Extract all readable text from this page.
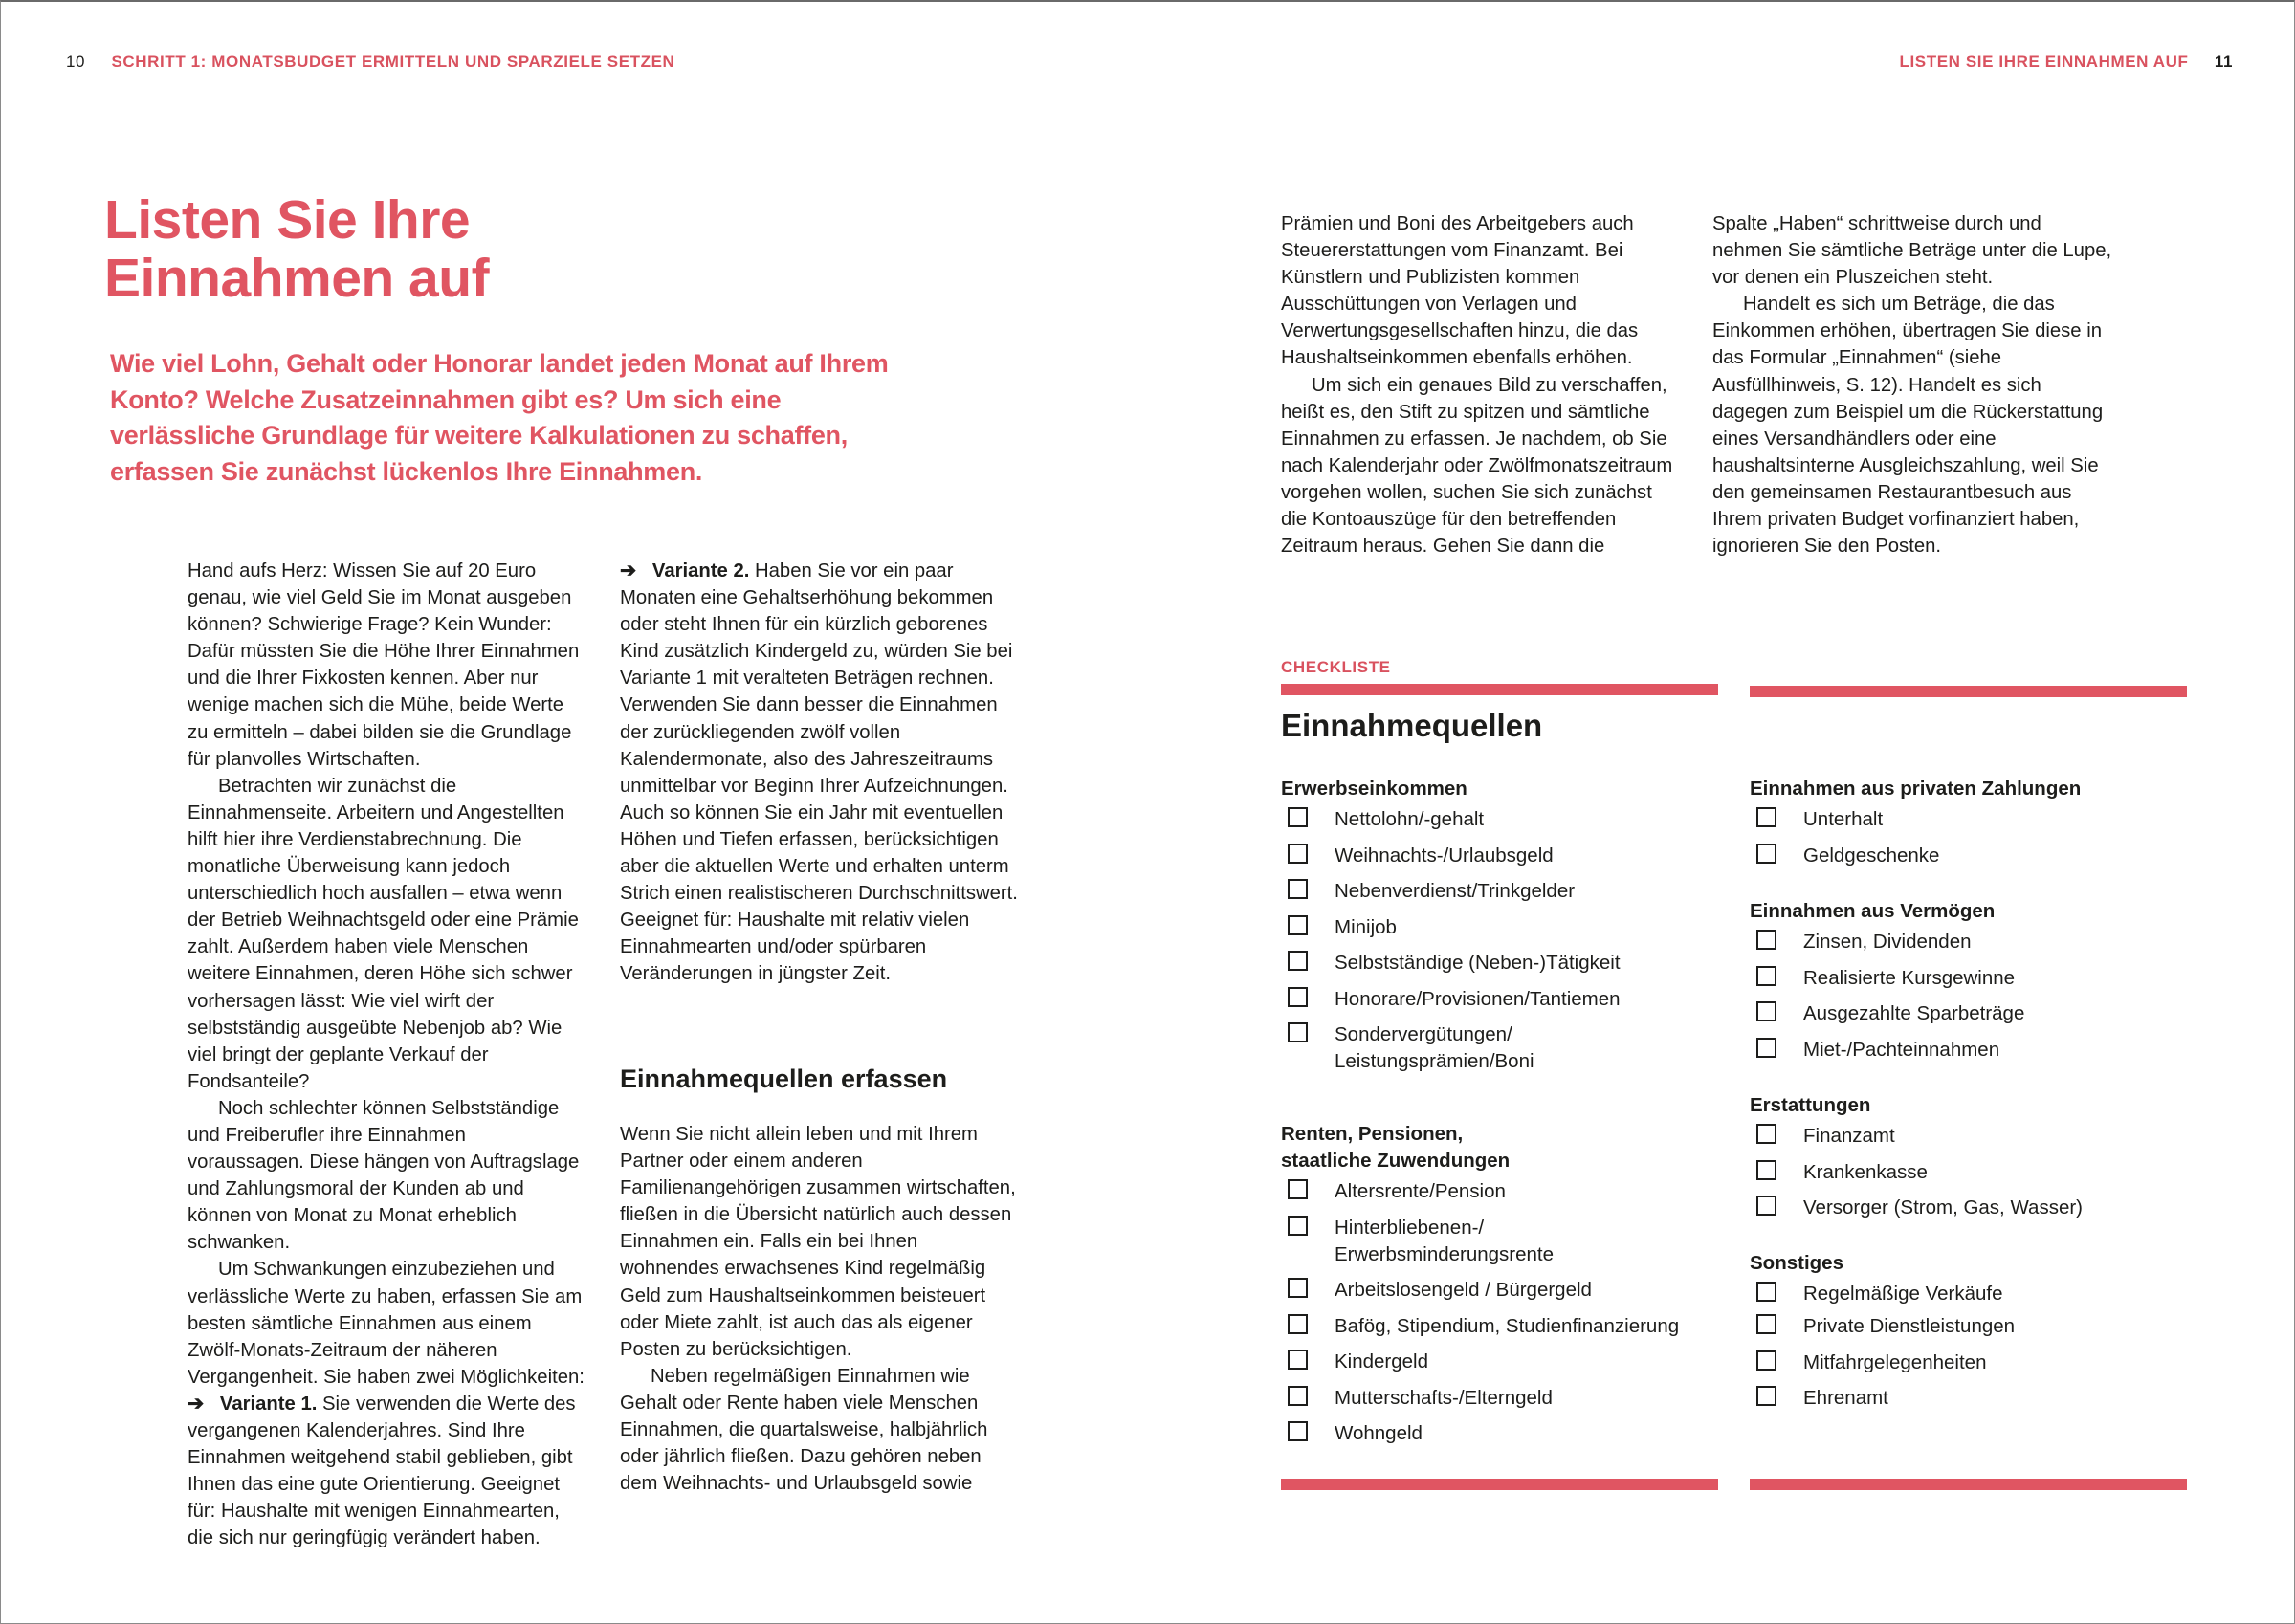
10 SCHRITT 1: MONATSBUDGET ERMITTELN UND SPARZIELE SETZEN	LISTEN SIE IHRE EINNAHMEN AUF 11
Listen Sie Ihre
Einnahmen auf
Wie viel Lohn, Gehalt oder Honorar landet jeden Monat auf Ihrem Konto? Welche Zusatzeinnahmen gibt es? Um sich eine verlässliche Grundlage für weitere Kalkulationen zu schaffen, erfassen Sie zunächst lückenlos Ihre Einnahmen.

Hand aufs Herz: Wissen Sie auf 20 Euro genau, wie viel Geld Sie im Monat ausgeben können? Schwierige Frage? Kein Wunder: Dafür müssten Sie die Höhe Ihrer Einnahmen und die Ihrer Fixkosten kennen. Aber nur wenige machen sich die Mühe, beide Werte zu ermitteln – dabei bilden sie die Grundlage für planvolles Wirtschaften.

Betrachten wir zunächst die Einnahmenseite. Arbeitern und Angestellten hilft hier ihre Verdienstabrechnung. Die monatliche Überweisung kann jedoch unterschiedlich hoch ausfallen – etwa wenn der Betrieb Weihnachtsgeld oder eine Prämie zahlt. Außerdem haben viele Menschen weitere Einnahmen, deren Höhe sich schwer vorhersagen lässt: Wie viel wirft der selbstständig ausgeübte Nebenjob ab? Wie viel bringt der geplante Verkauf der Fondsanteile?

Noch schlechter können Selbstständige und Freiberufler ihre Einnahmen voraussagen. Diese hängen von Auftragslage und Zahlungsmoral der Kunden ab und können von Monat zu Monat erheblich schwanken.

Um Schwankungen einzubeziehen und verlässliche Werte zu haben, erfassen Sie am besten sämtliche Einnahmen aus einem Zwölf-Monats-Zeitraum der näheren Vergangenheit. Sie haben zwei Möglichkeiten:

➔ Variante 1. Sie verwenden die Werte des vergangenen Kalenderjahres. Sind Ihre Einnahmen weitgehend stabil geblieben, gibt Ihnen das eine gute Orientierung. Geeignet für: Haushalte mit wenigen Einnahmearten, die sich nur geringfügig verändert haben.

➔ Variante 2. Haben Sie vor ein paar Monaten eine Gehaltserhöhung bekommen oder steht Ihnen für ein kürzlich geborenes Kind zusätzlich Kindergeld zu, würden Sie bei Variante 1 mit veralteten Beträgen rechnen. Verwenden Sie dann besser die Einnahmen der zurückliegenden zwölf vollen Kalendermonate, also des Jahreszeitraums unmittelbar vor Beginn Ihrer Aufzeichnungen. Auch so können Sie ein Jahr mit eventuellen Höhen und Tiefen erfassen, berücksichtigen aber die aktuellen Werte und erhalten unterm Strich einen realistischeren Durchschnittswert. Geeignet für: Haushalte mit relativ vielen Einnahmearten und/oder spürbaren Veränderungen in jüngster Zeit.

Einnahmequellen erfassen

Wenn Sie nicht allein leben und mit Ihrem Partner oder einem anderen Familienangehörigen zusammen wirtschaften, fließen in die Übersicht natürlich auch dessen Einnahmen ein. Falls ein bei Ihnen wohnendes erwachsenes Kind regelmäßig Geld zum Haushaltseinkommen beisteuert oder Miete zahlt, ist auch das als eigener Posten zu berücksichtigen.

Neben regelmäßigen Einnahmen wie Gehalt oder Rente haben viele Menschen Einnahmen, die quartalsweise, halbjährlich oder jährlich fließen. Dazu gehören neben dem Weihnachts- und Urlaubsgeld sowie

Prämien und Boni des Arbeitgebers auch Steuererstattungen vom Finanzamt. Bei Künstlern und Publizisten kommen Ausschüttungen von Verlagen und Verwertungsgesellschaften hinzu, die das Haushaltseinkommen ebenfalls erhöhen.

Um sich ein genaues Bild zu verschaffen, heißt es, den Stift zu spitzen und sämtliche Einnahmen zu erfassen. Je nachdem, ob Sie nach Kalenderjahr oder Zwölfmonatszeitraum vorgehen wollen, suchen Sie sich zunächst die Kontoauszüge für den betreffenden Zeitraum heraus. Gehen Sie dann die

Spalte „Haben“ schrittweise durch und nehmen Sie sämtliche Beträge unter die Lupe, vor denen ein Pluszeichen steht.

Handelt es sich um Beträge, die das Einkommen erhöhen, übertragen Sie diese in das Formular „Einnahmen“ (siehe Ausfüllhinweis, S. 12). Handelt es sich dagegen zum Beispiel um die Rückerstattung eines Versandhändlers oder eine haushaltsinterne Ausgleichszahlung, weil Sie den gemeinsamen Restaurantbesuch aus Ihrem privaten Budget vorfinanziert haben, ignorieren Sie den Posten.

CHECKLISTE
Einnahmequellen
Erwerbseinkommen
Nettolohn/-gehalt
Weihnachts-/Urlaubsgeld
Nebenverdienst/Trinkgelder
Minijob
Selbstständige (Neben-)Tätigkeit
Honorare/Provisionen/Tantiemen
Sondervergütungen/ Leistungsprämien/Boni
Renten, Pensionen, staatliche Zuwendungen
Altersrente/Pension
Hinterbliebenen-/ Erwerbsminderungsrente
Arbeitslosengeld / Bürgergeld
Bafög, Stipendium, Studienfinanzierung
Kindergeld
Mutterschafts-/Elterngeld
Wohngeld
Einnahmen aus privaten Zahlungen
Unterhalt
Geldgeschenke
Einnahmen aus Vermögen
Zinsen, Dividenden
Realisierte Kursgewinne
Ausgezahlte Sparbeträge
Miet-/Pachteinnahmen
Erstattungen
Finanzamt
Krankenkasse
Versorger (Strom, Gas, Wasser)
Sonstiges
Regelmäßige Verkäufe
Private Dienstleistungen
Mitfahrgelegenheiten
Ehrenamt
